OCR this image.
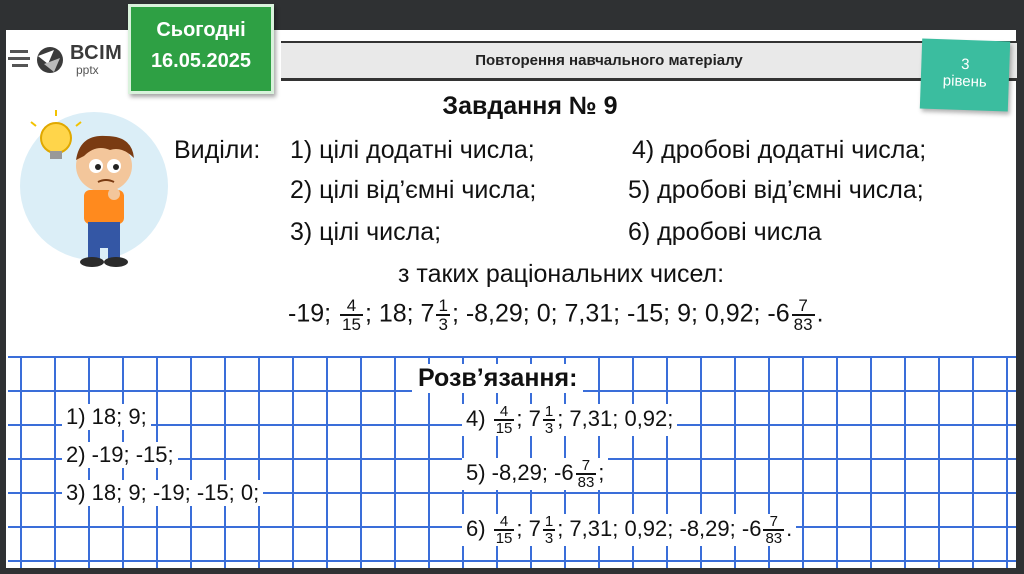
ВСІМ
pptx
Сьогодні
16.05.2025	Повторення навчального матеріалу	3
рівень
Завдання № 9
Виділи: 1) цілі додатні числа;	4) дробові додатні числа;
2) цілі від’ємні числа;	5) дробові від’ємні числа;
3) цілі числа;	6) дробові числа
з таких раціональних чисел:
-19; $\frac{4}{15}$ ; 18; $7 \frac{1}{3}$ ; -8,29; 0; 7,31; -15; 9; 0,92; $-6 \frac{7}{83}$ .
Розв’язання:
1) 18; 9;
2) -19; -15;
3) 18; 9; -19; -15; 0;
$4) \frac{4}{15}$ ; $7 \frac{1}{3}$ ; 7,31; 0,92;
5) -8,29; $-6 \frac{7}{83}$ ;
$6) \frac{4}{15}$ ; $7 \frac{1}{3}$ ; 7,31; 0,92; -8,29; $-6 \frac{7}{83}$ .
